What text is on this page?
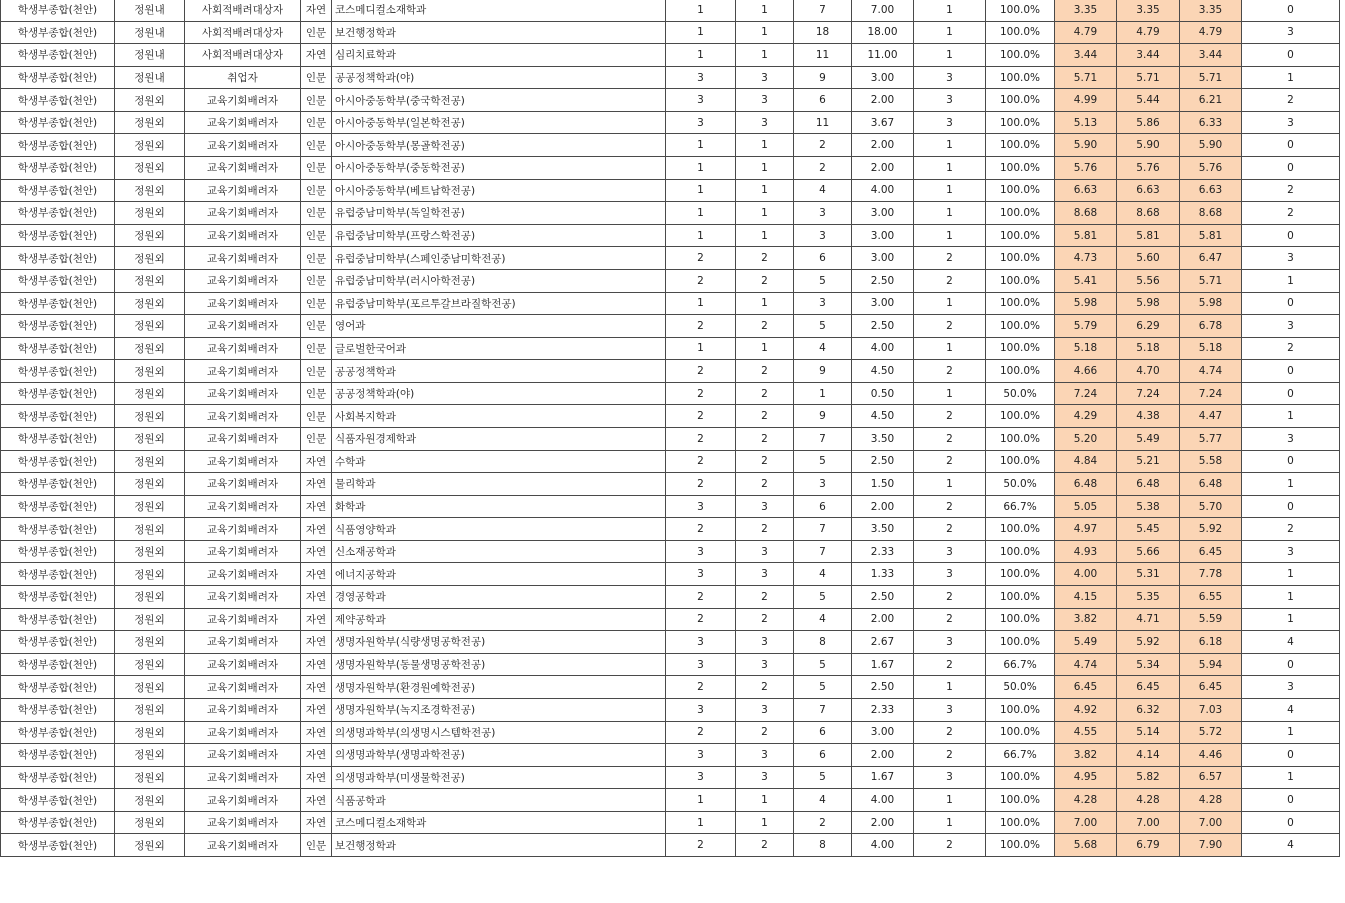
학생부종합(천안)	정원내	사회적배려대상자	자연	코스메디컬소재학과	1	1	7	7.00	1	100.0%	3.35	3.35	3.35	0
학생부종합(천안)	정원내	사회적배려대상자	인문	보건행정학과	1	1	18	18.00	1	100.0%	4.79	4.79	4.79	3
학생부종합(천안)	정원내	사회적배려대상자	자연	심리치료학과	1	1	11	11.00	1	100.0%	3.44	3.44	3.44	0
학생부종합(천안)	정원내	취업자	인문	공공정책학과(야)	3	3	9	3.00	3	100.0%	5.71	5.71	5.71	1
학생부종합(천안)	정원외	교육기회배려자	인문	아시아중동학부(중국학전공)	3	3	6	2.00	3	100.0%	4.99	5.44	6.21	2
학생부종합(천안)	정원외	교육기회배려자	인문	아시아중동학부(일본학전공)	3	3	11	3.67	3	100.0%	5.13	5.86	6.33	3
학생부종합(천안)	정원외	교육기회배려자	인문	아시아중동학부(몽골학전공)	1	1	2	2.00	1	100.0%	5.90	5.90	5.90	0
학생부종합(천안)	정원외	교육기회배려자	인문	아시아중동학부(중동학전공)	1	1	2	2.00	1	100.0%	5.76	5.76	5.76	0
학생부종합(천안)	정원외	교육기회배려자	인문	아시아중동학부(베트남학전공)	1	1	4	4.00	1	100.0%	6.63	6.63	6.63	2
학생부종합(천안)	정원외	교육기회배려자	인문	유럽중남미학부(독일학전공)	1	1	3	3.00	1	100.0%	8.68	8.68	8.68	2
학생부종합(천안)	정원외	교육기회배려자	인문	유럽중남미학부(프랑스학전공)	1	1	3	3.00	1	100.0%	5.81	5.81	5.81	0
학생부종합(천안)	정원외	교육기회배려자	인문	유럽중남미학부(스페인중남미학전공)	2	2	6	3.00	2	100.0%	4.73	5.60	6.47	3
학생부종합(천안)	정원외	교육기회배려자	인문	유럽중남미학부(러시아학전공)	2	2	5	2.50	2	100.0%	5.41	5.56	5.71	1
학생부종합(천안)	정원외	교육기회배려자	인문	유럽중남미학부(포르투갈브라질학전공)	1	1	3	3.00	1	100.0%	5.98	5.98	5.98	0
학생부종합(천안)	정원외	교육기회배려자	인문	영어과	2	2	5	2.50	2	100.0%	5.79	6.29	6.78	3
학생부종합(천안)	정원외	교육기회배려자	인문	글로벌한국어과	1	1	4	4.00	1	100.0%	5.18	5.18	5.18	2
학생부종합(천안)	정원외	교육기회배려자	인문	공공정책학과	2	2	9	4.50	2	100.0%	4.66	4.70	4.74	0
학생부종합(천안)	정원외	교육기회배려자	인문	공공정책학과(야)	2	2	1	0.50	1	50.0%	7.24	7.24	7.24	0
학생부종합(천안)	정원외	교육기회배려자	인문	사회복지학과	2	2	9	4.50	2	100.0%	4.29	4.38	4.47	1
학생부종합(천안)	정원외	교육기회배려자	인문	식품자원경제학과	2	2	7	3.50	2	100.0%	5.20	5.49	5.77	3
학생부종합(천안)	정원외	교육기회배려자	자연	수학과	2	2	5	2.50	2	100.0%	4.84	5.21	5.58	0
학생부종합(천안)	정원외	교육기회배려자	자연	물리학과	2	2	3	1.50	1	50.0%	6.48	6.48	6.48	1
학생부종합(천안)	정원외	교육기회배려자	자연	화학과	3	3	6	2.00	2	66.7%	5.05	5.38	5.70	0
학생부종합(천안)	정원외	교육기회배려자	자연	식품영양학과	2	2	7	3.50	2	100.0%	4.97	5.45	5.92	2
학생부종합(천안)	정원외	교육기회배려자	자연	신소재공학과	3	3	7	2.33	3	100.0%	4.93	5.66	6.45	3
학생부종합(천안)	정원외	교육기회배려자	자연	에너지공학과	3	3	4	1.33	3	100.0%	4.00	5.31	7.78	1
학생부종합(천안)	정원외	교육기회배려자	자연	경영공학과	2	2	5	2.50	2	100.0%	4.15	5.35	6.55	1
학생부종합(천안)	정원외	교육기회배려자	자연	제약공학과	2	2	4	2.00	2	100.0%	3.82	4.71	5.59	1
학생부종합(천안)	정원외	교육기회배려자	자연	생명자원학부(식량생명공학전공)	3	3	8	2.67	3	100.0%	5.49	5.92	6.18	4
학생부종합(천안)	정원외	교육기회배려자	자연	생명자원학부(동물생명공학전공)	3	3	5	1.67	2	66.7%	4.74	5.34	5.94	0
학생부종합(천안)	정원외	교육기회배려자	자연	생명자원학부(환경원예학전공)	2	2	5	2.50	1	50.0%	6.45	6.45	6.45	3
학생부종합(천안)	정원외	교육기회배려자	자연	생명자원학부(녹지조경학전공)	3	3	7	2.33	3	100.0%	4.92	6.32	7.03	4
학생부종합(천안)	정원외	교육기회배려자	자연	의생명과학부(의생명시스템학전공)	2	2	6	3.00	2	100.0%	4.55	5.14	5.72	1
학생부종합(천안)	정원외	교육기회배려자	자연	의생명과학부(생명과학전공)	3	3	6	2.00	2	66.7%	3.82	4.14	4.46	0
학생부종합(천안)	정원외	교육기회배려자	자연	의생명과학부(미생물학전공)	3	3	5	1.67	3	100.0%	4.95	5.82	6.57	1
학생부종합(천안)	정원외	교육기회배려자	자연	식품공학과	1	1	4	4.00	1	100.0%	4.28	4.28	4.28	0
학생부종합(천안)	정원외	교육기회배려자	자연	코스메디컬소재학과	1	1	2	2.00	1	100.0%	7.00	7.00	7.00	0
학생부종합(천안)	정원외	교육기회배려자	인문	보건행정학과	2	2	8	4.00	2	100.0%	5.68	6.79	7.90	4
